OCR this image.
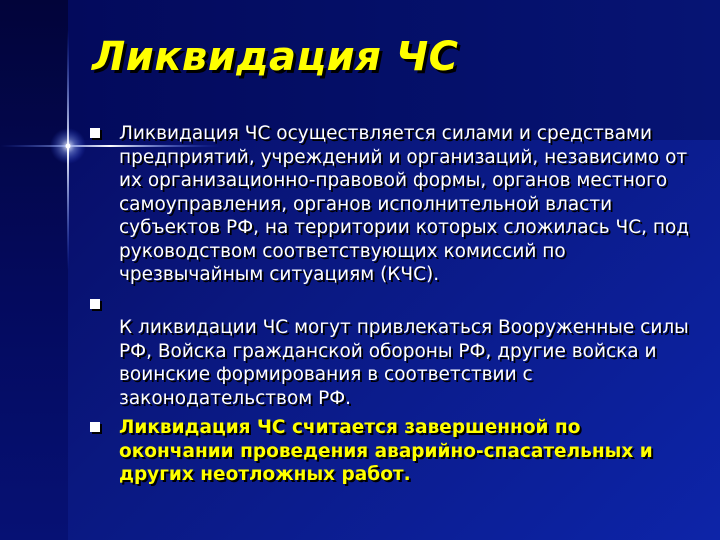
Ликвидация ЧС
Ликвидация ЧС осуществляется силами и средствами предприятий, учреждений и организаций, независимо от их организационно-правовой формы, органов местного самоуправления, органов исполнительной власти субъектов РФ, на территории которых сложилась ЧС, под руководством соответствующих комиссий по чрезвычайным ситуациям (КЧС).
К ликвидации ЧС могут привлекаться Вооруженные силы РФ, Войска гражданской обороны РФ, другие войска и воинские формирования в соответствии с законодательством РФ.
Ликвидация ЧС считается завершенной по окончании проведения аварийно-спасательных и других неотложных работ.
